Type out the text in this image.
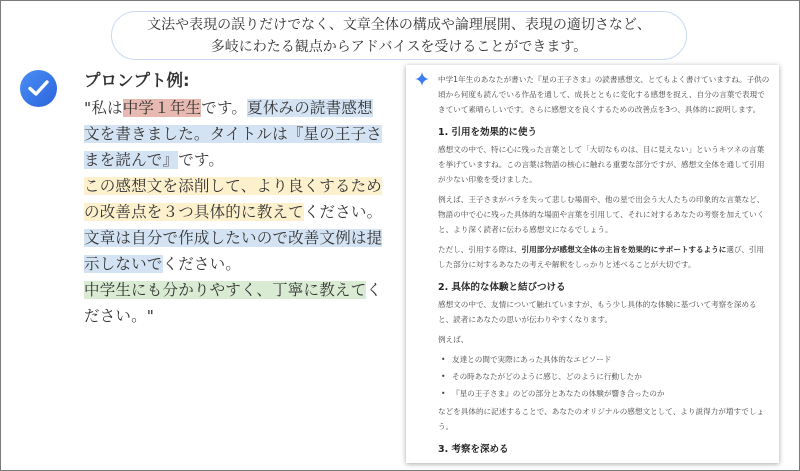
文法や表現の誤りだけでなく、文章全体の構成や論理展開、表現の適切さなど、
多岐にわたる観点からアドバイスを受けることができます。
プロンプト例:
"私は中学１年生です。夏休みの読書感想
文を書きました。タイトルは『星の王子さ
まを読んで』です。
この感想文を添削して、より良くするため
の改善点を３つ具体的に教えてください。
文章は自分で作成したいので改善文例は提
示しないでください。
中学生にも分かりやすく、丁寧に教えてく
ださい。"

中学1年生のあなたが書いた『星の王子さま』の読書感想文、とてもよく書けていますね。子供の頃から何度も読んでいる作品を通して、成長とともに変化する感想を捉え、自分の言葉で表現できていて素晴らしいです。さらに感想文を良くするための改善点を3つ、具体的に説明します。

1. 引用を効果的に使う

感想文の中で、特に心に残った言葉として「大切なものは、目に見えない」というキツネの言葉を挙げていますね。この言葉は物語の核心に触れる重要な部分ですが、感想文全体を通して引用が少ない印象を受けました。

例えば、王子さまがバラを失って悲しむ場面や、他の星で出会う大人たちの印象的な言葉など、物語の中で心に残った具体的な場面や言葉を引用して、それに対するあなたの考察を加えていくと、より深く読者に伝わる感想文になるでしょう。

ただし、引用する際は、引用部分が感想文全体の主旨を効果的にサポートするように選び、引用した部分に対するあなたの考えや解釈をしっかりと述べることが大切です。

2. 具体的な体験と結びつける

感想文の中で、友情について触れていますが、もう少し具体的な体験に基づいて考察を深めると、読者にあなたの思いが伝わりやすくなります。

例えば、

• 友達との間で実際にあった具体的なエピソード
• その時あなたがどのように感じ、どのように行動したか
• 『星の王子さま』のどの部分とあなたの体験が響き合ったのか

などを具体的に記述することで、あなたのオリジナルの感想文として、より説得力が増すでしょう。

3. 考察を深める
